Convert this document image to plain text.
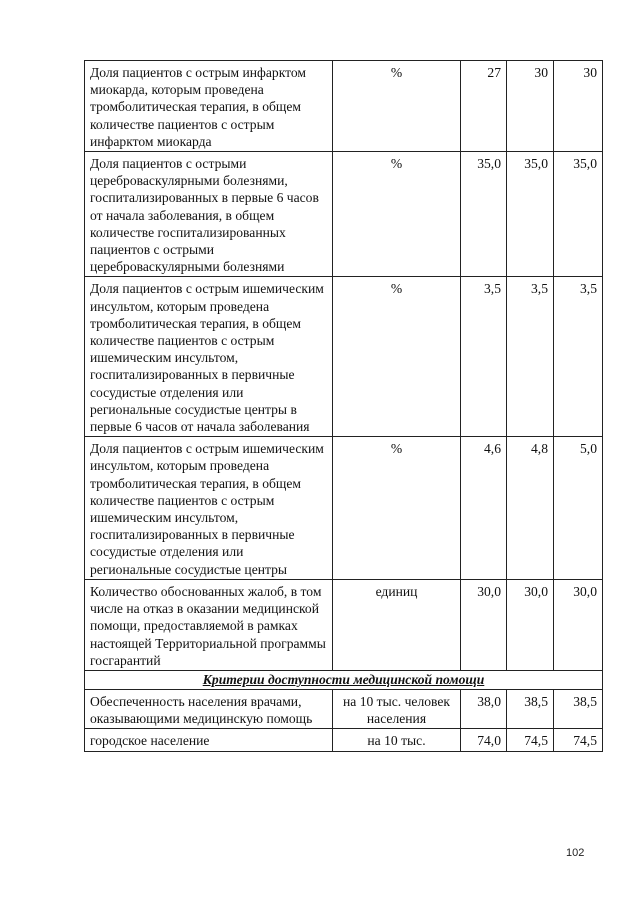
Доля пациентов с острым инфарктом миокарда, которым проведена тромболитическая терапия, в общем количестве пациентов с острым инфарктом миокарда	%	27	30	30
Доля пациентов с острыми цереброваскулярными болезнями, госпитализированных в первые 6 часов от начала заболевания, в общем количестве госпитализированных пациентов с острыми цереброваскулярными болезнями	%	35,0	35,0	35,0
Доля пациентов с острым ишемическим инсультом, которым проведена тромболитическая терапия, в общем количестве пациентов с острым ишемическим инсультом, госпитализированных в первичные сосудистые отделения или региональные сосудистые центры в первые 6 часов от начала заболевания	%	3,5	3,5	3,5
Доля пациентов с острым ишемическим инсультом, которым проведена тромболитическая терапия, в общем количестве пациентов с острым ишемическим инсультом, госпитализированных в первичные сосудистые отделения или региональные сосудистые центры	%	4,6	4,8	5,0
Количество обоснованных жалоб, в том числе на отказ в оказании медицинской помощи, предоставляемой в рамках настоящей Территориальной программы госгарантий	единиц	30,0	30,0	30,0
Критерии доступности медицинской помощи				
Обеспеченность населения врачами, оказывающими медицинскую помощь	на 10 тыс. человек населения	38,0	38,5	38,5
городское население	на 10 тыс.	74,0	74,5	74,5
102
